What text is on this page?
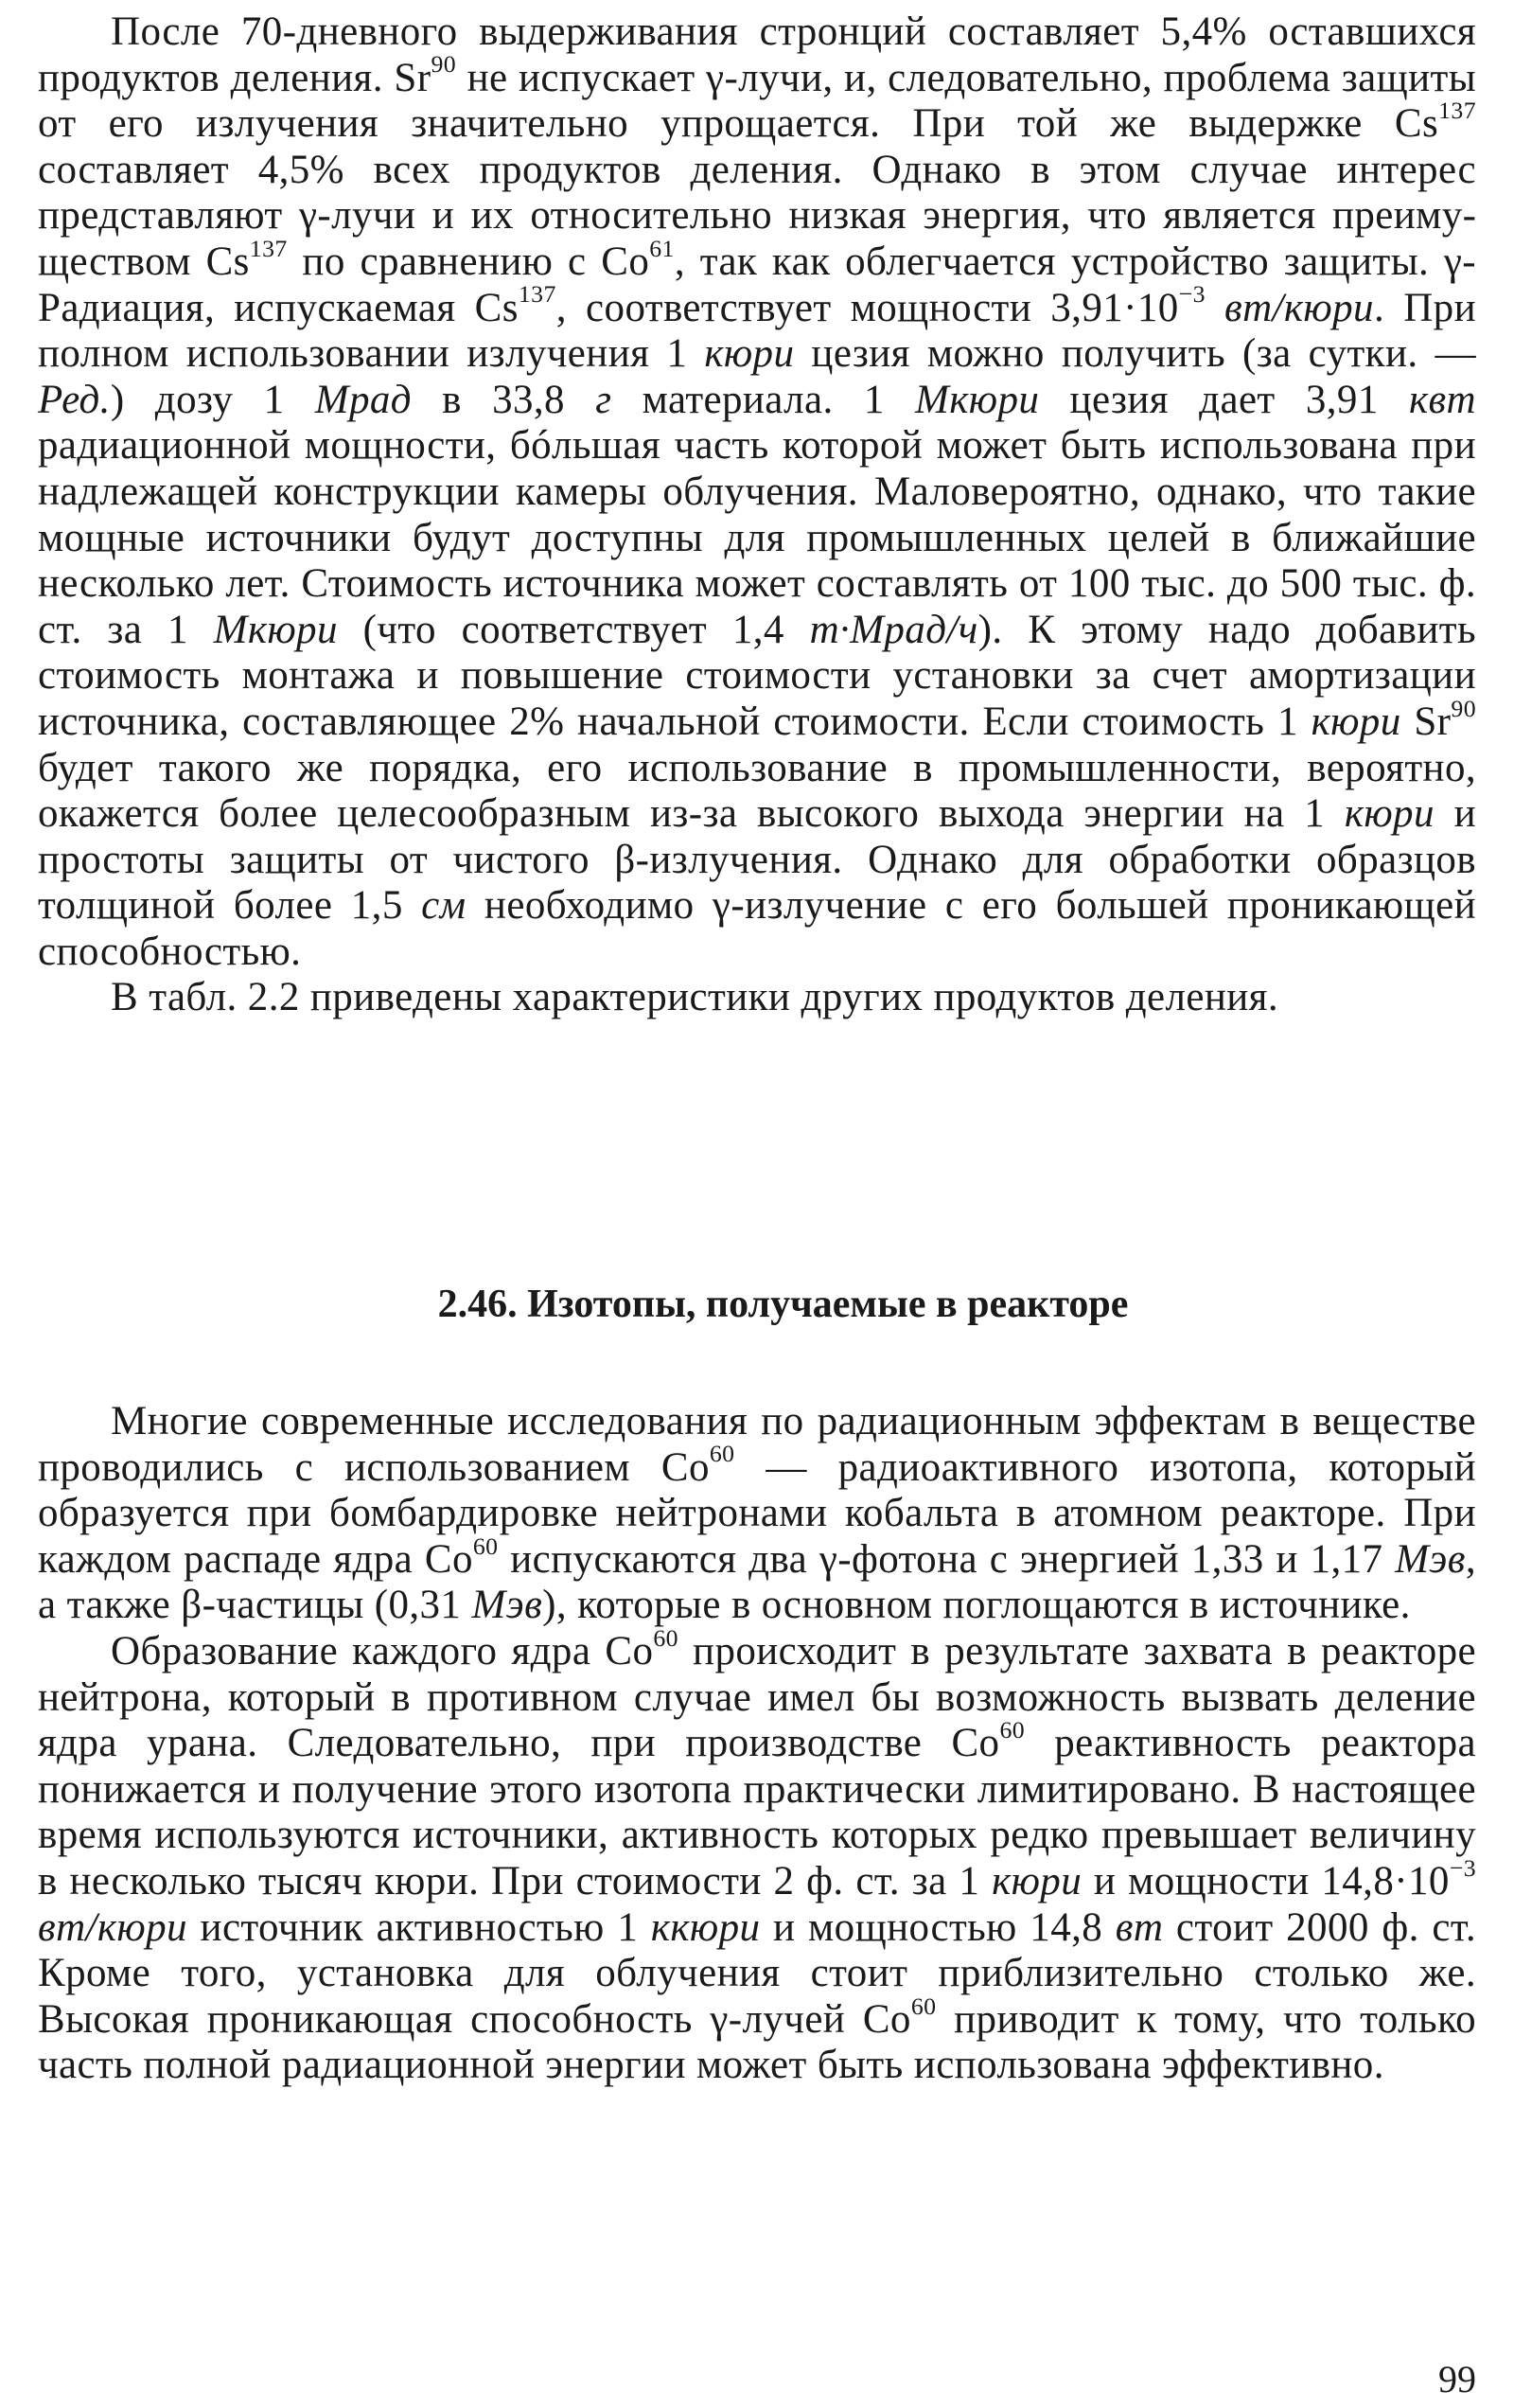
После 70-дневного выдерживания стронций составляет 5,4% оставшихся продуктов деления. Sr$^{90}$ не испускает γ-лучи, и, следовательно, проблема защиты от его излучения значительно упрощается. При той же выдержке Cs$^{137}$ составляет 4,5% всех продуктов деления. Однако в этом случае интерес представляют γ-лучи и их относительно низкая энергия, что является преимуществом Cs$^{137}$ по сравнению с Co$^{61}$, так как облегчается устройство защиты. γ-Радиация, испускаемая Cs$^{137}$, соответствует мощности $3,91\cdot 10^{-3}$ вт/кюри. При полном использовании излучения 1 кюри цезия можно получить (за сутки. —Ред.) дозу 1 Мрад в 33,8 г материала. 1 Мкюри цезия дает 3,91 квт радиационной мощности, бóльшая часть которой может быть использована при надлежащей конструкции камеры облучения. Маловероятно, однако, что такие мощные источники будут доступны для промышленных целей в ближайшие несколько лет. Стоимость источника может составлять от 100 тыс. до 500 тыс. ф. ст. за 1 Мкюри (что соответствует 1,4 т·Мрад/ч). К этому надо добавить стоимость монтажа и повышение стоимости установки за счет амортизации источника, составляющее 2% начальной стоимости. Если стоимость 1 кюри Sr$^{90}$ будет такого же порядка, его использование в промышленности, вероятно, окажется более целесообразным из-за высокого выхода энергии на 1 кюри и простоты защиты от чистого β-излучения. Однако для обработки образцов толщиной более 1,5 см необходимо γ-излучение с его большей проникающей способностью.

В табл. 2.2 приведены характеристики других продуктов деления.

2.46. Изотопы, получаемые в реакторе

Многие современные исследования по радиационным эффектам в веществе проводились с использованием Co$^{60}$ — радиоактивного изотопа, который образуется при бомбардировке нейтронами кобальта в атомном реакторе. При каждом распаде ядра Co$^{60}$ испускаются два γ-фотона с энергией 1,33 и 1,17 Мэв, а также β-частицы (0,31 Мэв), которые в основном поглощаются в источнике.

Образование каждого ядра Co$^{60}$ происходит в результате захвата в реакторе нейтрона, который в противном случае имел бы возможность вызвать деление ядра урана. Следовательно, при производстве Co$^{60}$ реактивность реактора понижается и получение этого изотопа практически лимитировано. В настоящее время используются источники, активность которых редко превышает величину в несколько тысяч кюри. При стоимости 2 ф. ст. за 1 кюри и мощности $14,8\cdot 10^{-3}$ вт/кюри источник активностью 1 ккюри и мощностью 14,8 вт стоит 2000 ф. ст. Кроме того, установка для облучения стоит приблизительно столько же. Высокая проникающая способность γ-лучей Co$^{60}$ приводит к тому, что только часть полной радиационной энергии может быть использована эффективно.

99
